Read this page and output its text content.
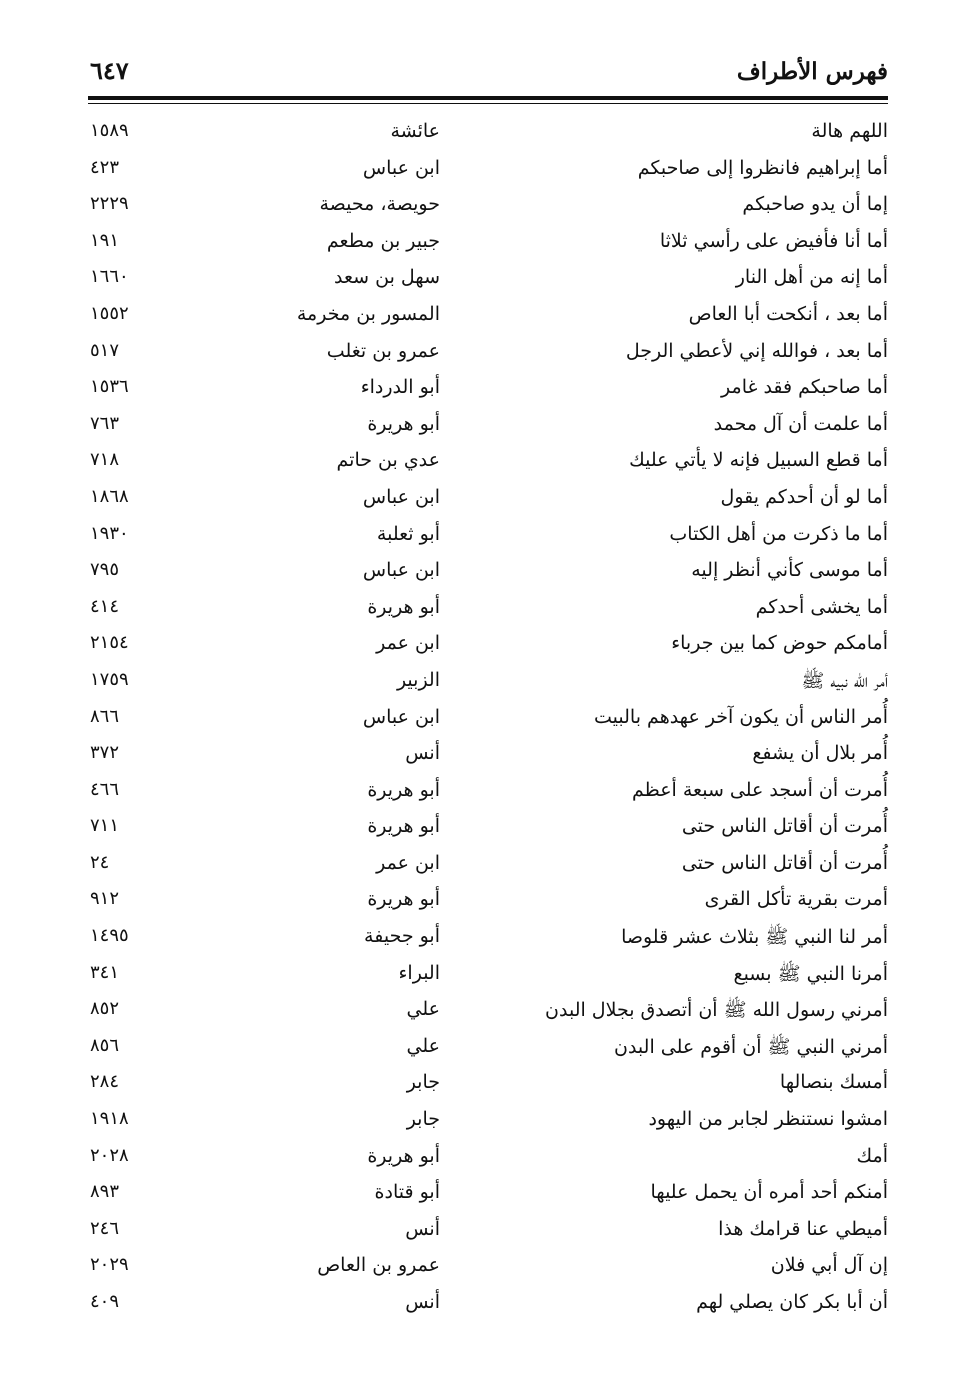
فهرس الأطراف
٦٤٧
اللهم هالة
عائشة
١٥٨٩
أما إبراهيم فانظروا إلى صاحبكم
ابن عباس
٤٢٣
إما أن يدو صاحبكم
حويصة، محيصة
٢٢٢٩
أما أنا فأفيض على رأسي ثلاثا
جبير بن مطعم
١٩١
أما إنه من أهل النار
سهل بن سعد
١٦٦٠
أما بعد ، أنكحت أبا العاص
المسور بن مخرمة
١٥٥٢
أما بعد ، فوالله إني لأعطي الرجل
عمرو بن تغلب
٥١٧
أما صاحبكم فقد غامر
أبو الدرداء
١٥٣٦
أما علمت أن آل محمد
أبو هريرة
٧٦٣
أما قطع السبيل فإنه لا يأتي عليك
عدي بن حاتم
٧١٨
أما لو أن أحدكم يقول
ابن عباس
١٨٦٨
أما ما ذكرت من أهل الكتاب
أبو ثعلبة
١٩٣٠
أما موسى كأني أنظر إليه
ابن عباس
٧٩٥
أما يخشى أحدكم
أبو هريرة
٤١٤
أمامكم حوض كما بين جرباء
ابن عمر
٢١٥٤
أمر الله نبيه ﷺ
الزبير
١٧٥٩
أُمر الناس أن يكون آخر عهدهم بالبيت
ابن عباس
٨٦٦
أُمر بلال أن يشفع
أنس
٣٧٢
أُمرت أن أسجد على سبعة أعظم
أبو هريرة
٤٦٦
أُمرت أن أقاتل الناس حتى
أبو هريرة
٧١١
أُمرت أن أقاتل الناس حتى
ابن عمر
٢٤
أمرت بقرية تأكل القرى
أبو هريرة
٩١٢
أمر لنا النبي ﷺ بثلاث عشر قلوصا
أبو جحيفة
١٤٩٥
أمرنا النبي ﷺ بسبع
البراء
٣٤١
أمرني رسول الله ﷺ أن أتصدق بجلال البدن
علي
٨٥٢
أمرني النبي ﷺ أن أقوم على البدن
علي
٨٥٦
أمسك بنصالها
جابر
٢٨٤
امشوا نستنظر لجابر من اليهود
جابر
١٩١٨
أمك
أبو هريرة
٢٠٢٨
أمنكم أحد أمره أن يحمل عليها
أبو قتادة
٨٩٣
أميطي عنا قرامك هذا
أنس
٢٤٦
إن آل أبي فلان
عمرو بن العاص
٢٠٢٩
أن أبا بكر كان يصلي لهم
أنس
٤٠٩
